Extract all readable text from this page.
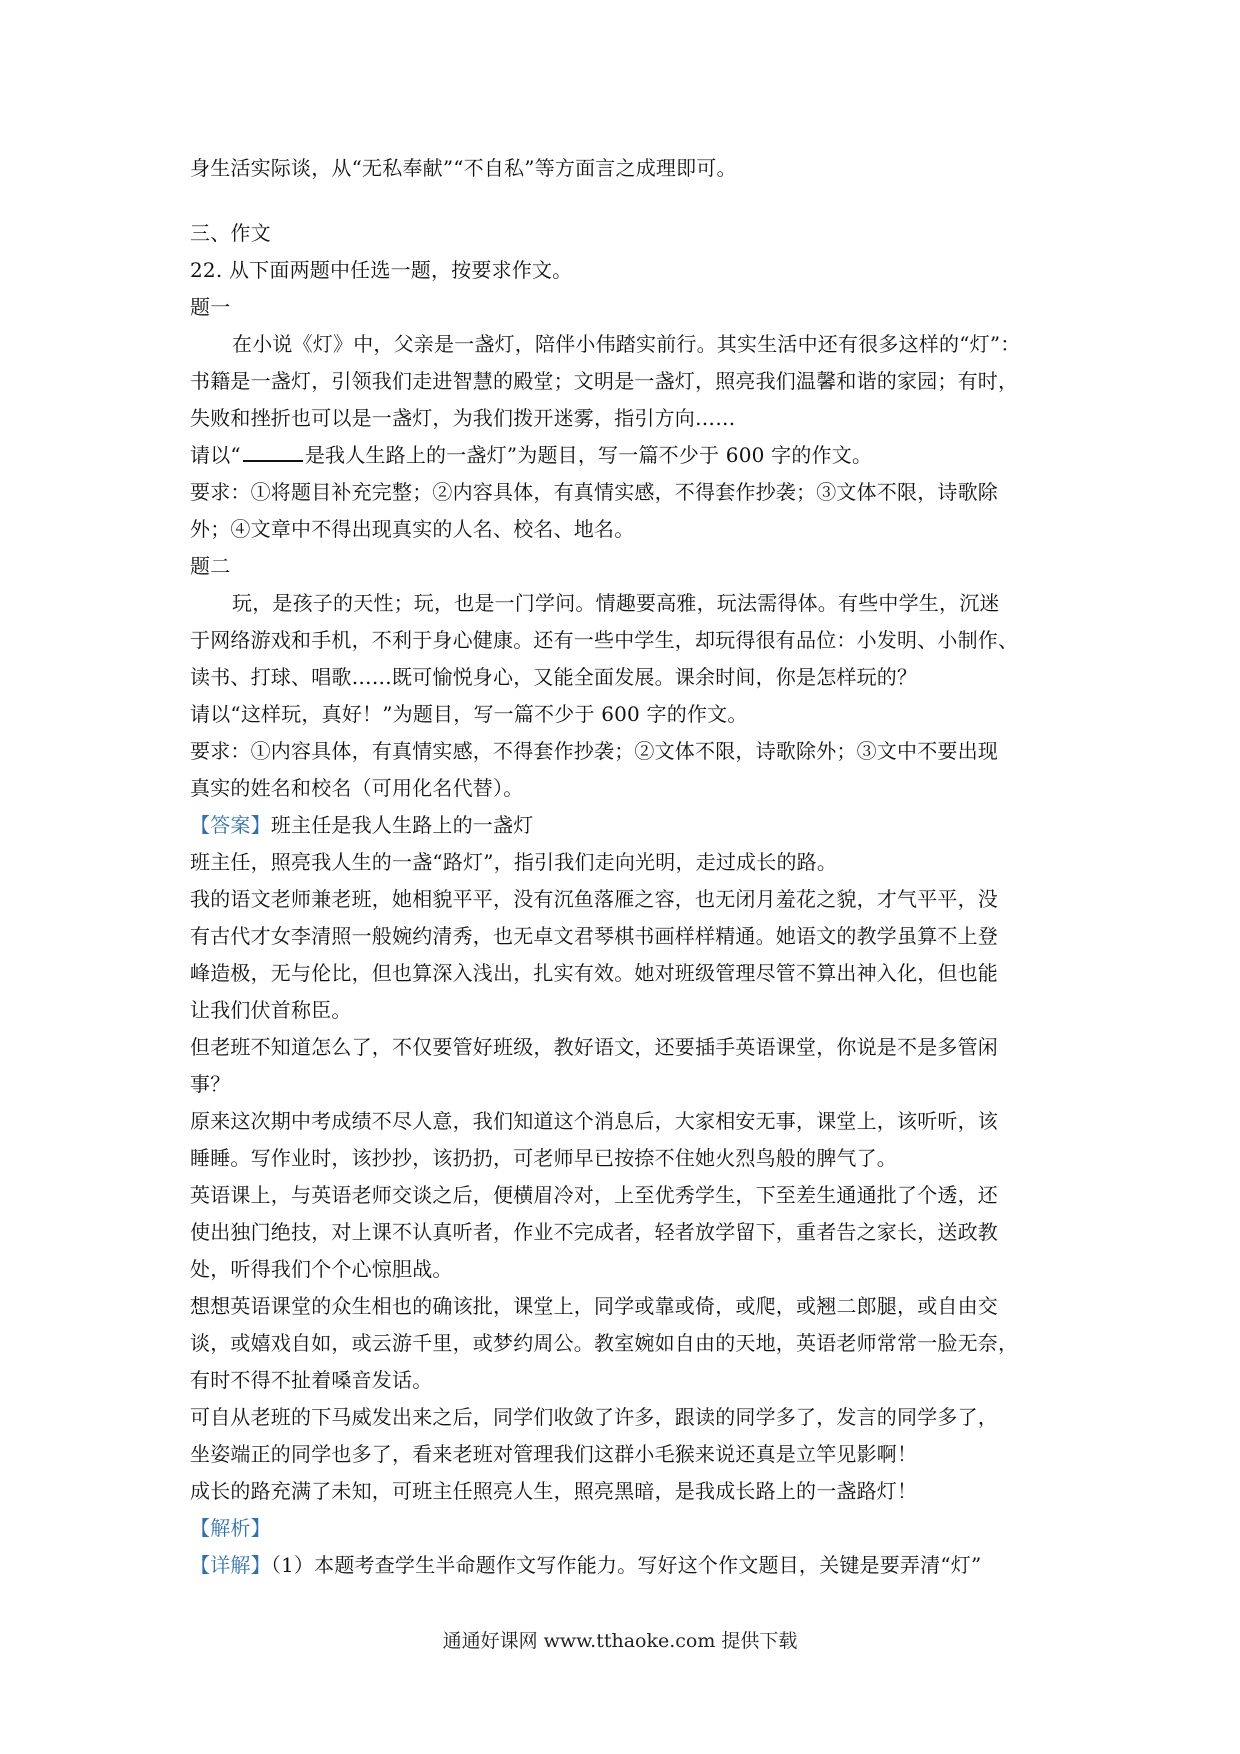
身生活实际谈，从“无私奉献”“不自私”等方面言之成理即可。
三、作文
22. 从下面两题中任选一题，按要求作文。
题一
在小说《灯》中，父亲是一盏灯，陪伴小伟踏实前行。其实生活中还有很多这样的“灯”：
书籍是一盏灯，引领我们走进智慧的殿堂；文明是一盏灯，照亮我们温馨和谐的家园；有时，
失败和挫折也可以是一盏灯，为我们拨开迷雾，指引方向……
请以“	是我人生路上的一盏灯”为题目，写一篇不少于 600 字的作文。
要求：①将题目补充完整；②内容具体，有真情实感，不得套作抄袭；③文体不限，诗歌除
外；④文章中不得出现真实的人名、校名、地名。
题二
玩，是孩子的天性；玩，也是一门学问。情趣要高雅，玩法需得体。有些中学生，沉迷
于网络游戏和手机，不利于身心健康。还有一些中学生，却玩得很有品位：小发明、小制作、
读书、打球、唱歌……既可愉悦身心，又能全面发展。课余时间，你是怎样玩的？
请以“这样玩，真好！”为题目，写一篇不少于 600 字的作文。
要求：①内容具体，有真情实感，不得套作抄袭；②文体不限，诗歌除外；③文中不要出现
真实的姓名和校名（可用化名代替）。
【答案】班主任是我人生路上的一盏灯
班主任，照亮我人生的一盏“路灯”，指引我们走向光明，走过成长的路。
我的语文老师兼老班，她相貌平平，没有沉鱼落雁之容，也无闭月羞花之貌，才气平平，没
有古代才女李清照一般婉约清秀，也无卓文君琴棋书画样样精通。她语文的教学虽算不上登
峰造极，无与伦比，但也算深入浅出，扎实有效。她对班级管理尽管不算出神入化，但也能
让我们伏首称臣。
但老班不知道怎么了，不仅要管好班级，教好语文，还要插手英语课堂，你说是不是多管闲
事？
原来这次期中考成绩不尽人意，我们知道这个消息后，大家相安无事，课堂上，该听听，该
睡睡。写作业时，该抄抄，该扔扔，可老师早已按捺不住她火烈鸟般的脾气了。
英语课上，与英语老师交谈之后，便横眉冷对，上至优秀学生，下至差生通通批了个透，还
使出独门绝技，对上课不认真听者，作业不完成者，轻者放学留下，重者告之家长，送政教
处，听得我们个个心惊胆战。
想想英语课堂的众生相也的确该批，课堂上，同学或靠或倚，或爬，或翘二郎腿，或自由交
谈，或嬉戏自如，或云游千里，或梦约周公。教室婉如自由的天地，英语老师常常一脸无奈，
有时不得不扯着嗓音发话。
可自从老班的下马威发出来之后，同学们收敛了许多，跟读的同学多了，发言的同学多了，
坐姿端正的同学也多了，看来老班对管理我们这群小毛猴来说还真是立竿见影啊！
成长的路充满了未知，可班主任照亮人生，照亮黑暗，是我成长路上的一盏路灯！
【解析】
【详解】（1）本题考查学生半命题作文写作能力。写好这个作文题目，关键是要弄清“灯”
通通好课网 www.tthaoke.com 提供下载
